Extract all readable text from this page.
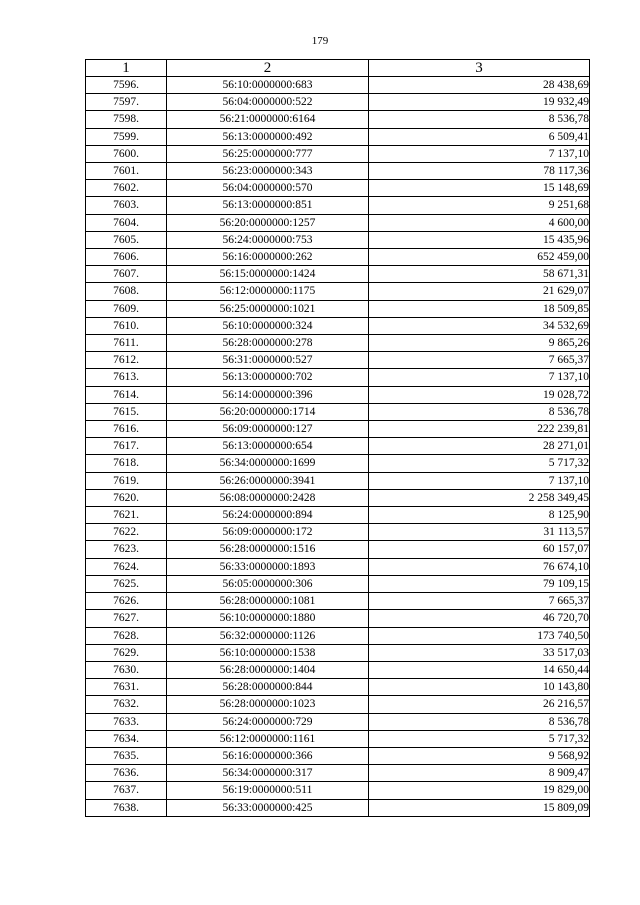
179
1	2	3
7596.	56:10:0000000:683	28 438,69
7597.	56:04:0000000:522	19 932,49
7598.	56:21:0000000:6164	8 536,78
7599.	56:13:0000000:492	6 509,41
7600.	56:25:0000000:777	7 137,10
7601.	56:23:0000000:343	78 117,36
7602.	56:04:0000000:570	15 148,69
7603.	56:13:0000000:851	9 251,68
7604.	56:20:0000000:1257	4 600,00
7605.	56:24:0000000:753	15 435,96
7606.	56:16:0000000:262	652 459,00
7607.	56:15:0000000:1424	58 671,31
7608.	56:12:0000000:1175	21 629,07
7609.	56:25:0000000:1021	18 509,85
7610.	56:10:0000000:324	34 532,69
7611.	56:28:0000000:278	9 865,26
7612.	56:31:0000000:527	7 665,37
7613.	56:13:0000000:702	7 137,10
7614.	56:14:0000000:396	19 028,72
7615.	56:20:0000000:1714	8 536,78
7616.	56:09:0000000:127	222 239,81
7617.	56:13:0000000:654	28 271,01
7618.	56:34:0000000:1699	5 717,32
7619.	56:26:0000000:3941	7 137,10
7620.	56:08:0000000:2428	2 258 349,45
7621.	56:24:0000000:894	8 125,90
7622.	56:09:0000000:172	31 113,57
7623.	56:28:0000000:1516	60 157,07
7624.	56:33:0000000:1893	76 674,10
7625.	56:05:0000000:306	79 109,15
7626.	56:28:0000000:1081	7 665,37
7627.	56:10:0000000:1880	46 720,70
7628.	56:32:0000000:1126	173 740,50
7629.	56:10:0000000:1538	33 517,03
7630.	56:28:0000000:1404	14 650,44
7631.	56:28:0000000:844	10 143,80
7632.	56:28:0000000:1023	26 216,57
7633.	56:24:0000000:729	8 536,78
7634.	56:12:0000000:1161	5 717,32
7635.	56:16:0000000:366	9 568,92
7636.	56:34:0000000:317	8 909,47
7637.	56:19:0000000:511	19 829,00
7638.	56:33:0000000:425	15 809,09
